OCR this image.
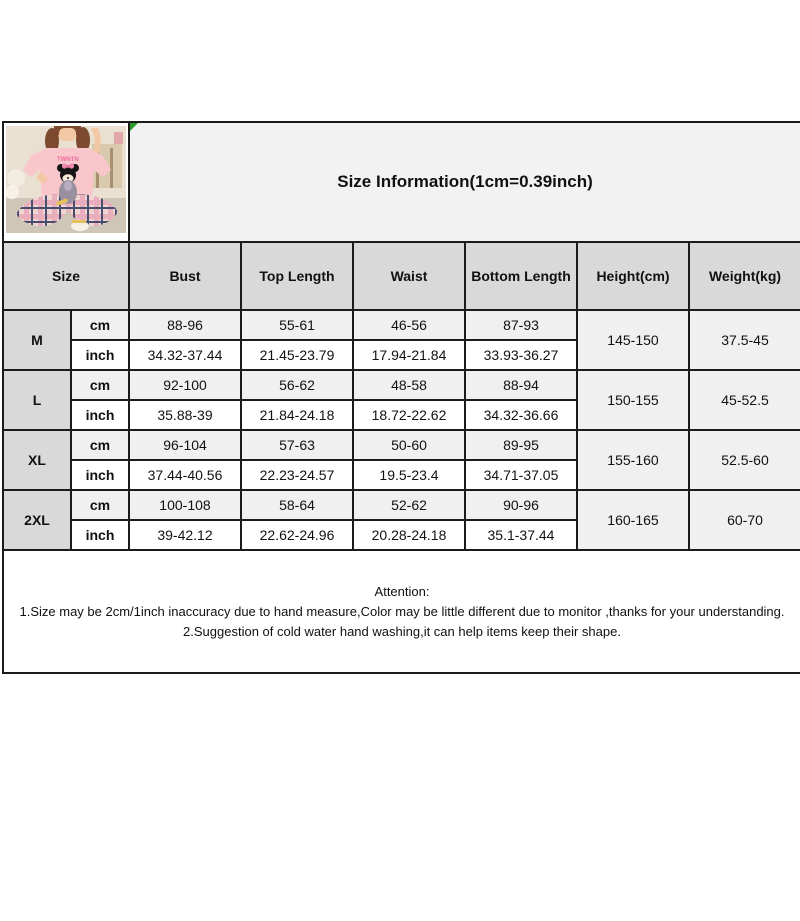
TWNTN		Size Information(1cm=0.39inch)					
Size		Bust	Top Length	Waist	Bottom Length	Height(cm)	Weight(kg)
M	cm	88-96	55-61	46-56	87-93	145-150	37.5-45
	inch	34.32-37.44	21.45-23.79	17.94-21.84	33.93-36.27		
L	cm	92-100	56-62	48-58	88-94	150-155	45-52.5
	inch	35.88-39	21.84-24.18	18.72-22.62	34.32-36.66		
XL	cm	96-104	57-63	50-60	89-95	155-160	52.5-60
	inch	37.44-40.56	22.23-24.57	19.5-23.4	34.71-37.05		
2XL	cm	100-108	58-64	52-62	90-96	160-165	60-70
	inch	39-42.12	22.62-24.96	20.28-24.18	35.1-37.44		

Attention:
1.Size may be 2cm/1inch inaccuracy due to hand measure,Color may be little different due to monitor ,thanks for your understanding.
2.Suggestion of cold water hand washing,it can help items keep their shape.							
